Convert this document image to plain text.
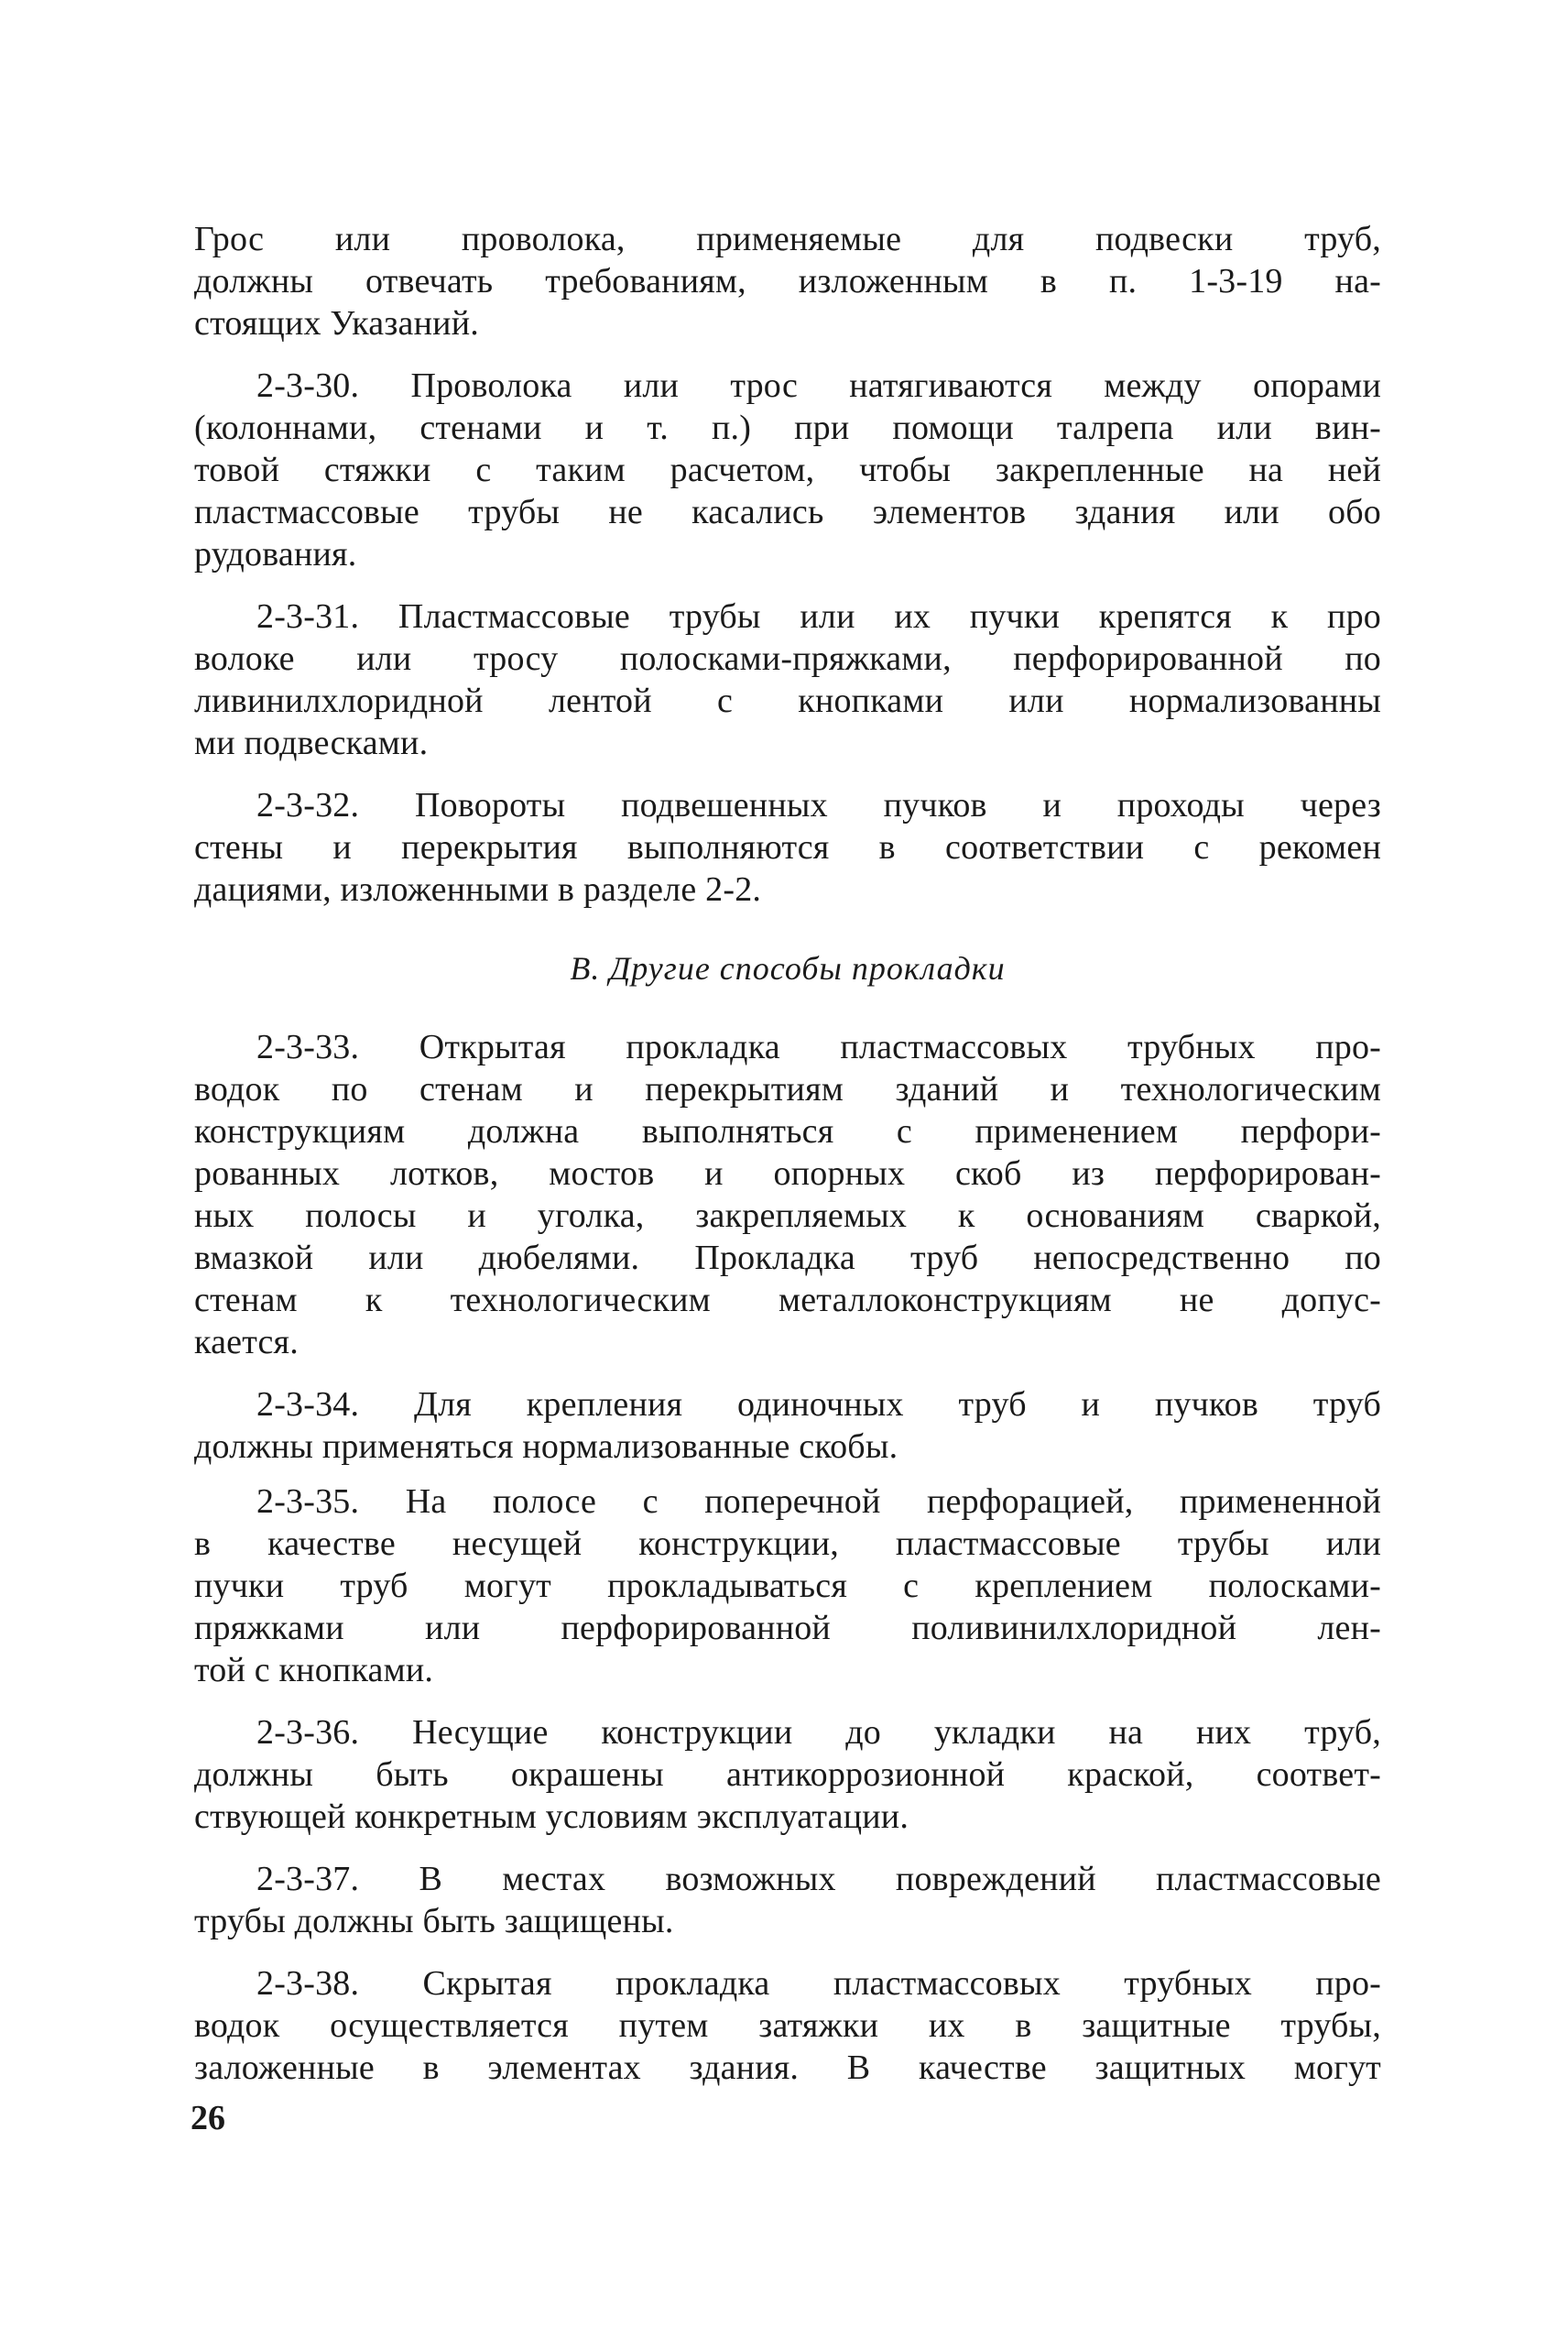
Грос или проволока, применяемые для подвески труб,
должны отвечать требованиям, изложенным в п. 1-3-19 на-
стоящих Указаний.

2-3-30. Проволока или трос натягиваются между опорами
(колоннами, стенами и т. п.) при помощи талрепа или вин-
товой стяжки с таким расчетом, чтобы закрепленные на ней
пластмассовые трубы не касались элементов здания или обо
рудования.

2-3-31. Пластмассовые трубы или их пучки крепятся к про
волоке или тросу полосками-пряжками, перфорированной по
ливинилхлоридной лентой с кнопками или нормализованны
ми подвесками.

2-3-32. Повороты подвешенных пучков и проходы через
стены и перекрытия выполняются в соответствии с рекомен
дациями, изложенными в разделе 2-2.

В. Другие способы прокладки

2-3-33. Открытая прокладка пластмассовых трубных про-
водок по стенам и перекрытиям зданий и технологическим
конструкциям должна выполняться с применением перфори-
рованных лотков, мостов и опорных скоб из перфорирован-
ных полосы и уголка, закрепляемых к основаниям сваркой,
вмазкой или дюбелями. Прокладка труб непосредственно по
стенам к технологическим металлоконструкциям не допус-
кается.

2-3-34. Для крепления одиночных труб и пучков труб
должны применяться нормализованные скобы.

2-3-35. На полосе с поперечной перфорацией, примененной
в качестве несущей конструкции, пластмассовые трубы или
пучки труб могут прокладываться с креплением полосками-
пряжками или перфорированной поливинилхлоридной лен-
той с кнопками.

2-3-36. Несущие конструкции до укладки на них труб,
должны быть окрашены антикоррозионной краской, соответ-
ствующей конкретным условиям эксплуатации.

2-3-37. В местах возможных повреждений пластмассовые
трубы должны быть защищены.

2-3-38. Скрытая прокладка пластмассовых трубных про-
водок осуществляется путем затяжки их в защитные трубы,
заложенные в элементах здания. В качестве защитных могут

26
